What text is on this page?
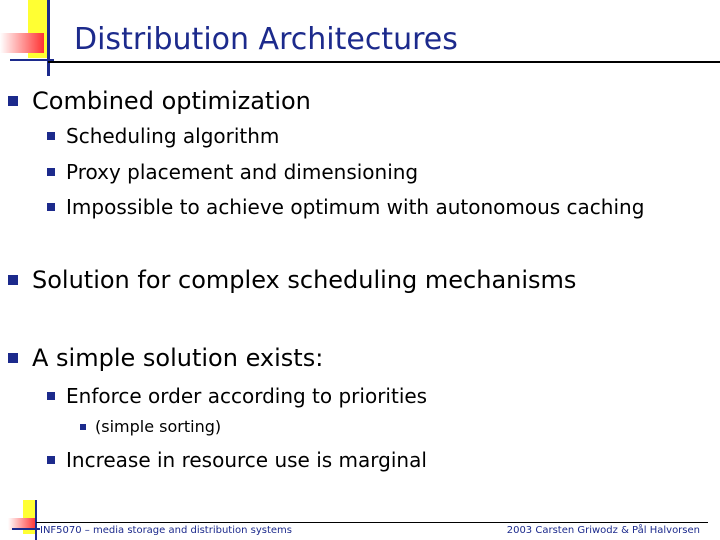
Distribution Architectures
Combined optimization
Scheduling algorithm
Proxy placement and dimensioning
Impossible to achieve optimum with autonomous caching
Solution for complex scheduling mechanisms
A simple solution exists:
Enforce order according to priorities
(simple sorting)
Increase in resource use is marginal
INF5070 – media storage and distribution systems	2003 Carsten Griwodz & Pål Halvorsen
